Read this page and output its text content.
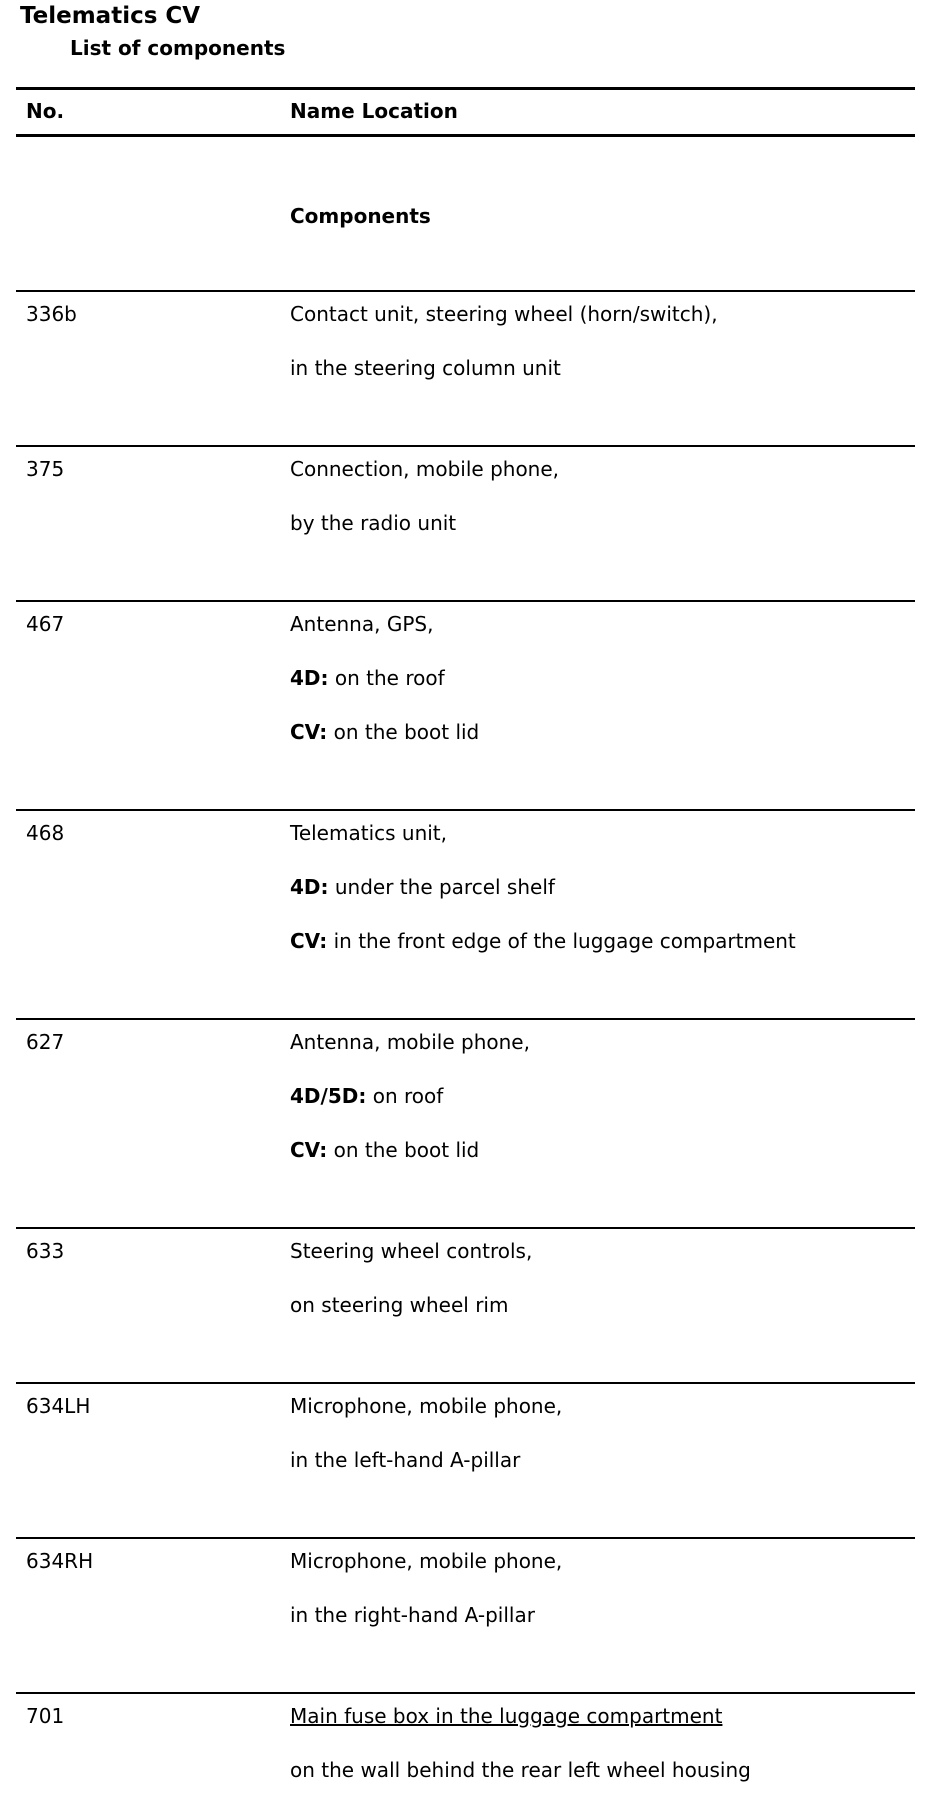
Telematics CV
List of components
No.	Name Location
Components
336b	Contact unit, steering wheel (horn/switch),
in the steering column unit
375	Connection, mobile phone,
by the radio unit
467	Antenna, GPS,
4D: on the roof
CV: on the boot lid
468	Telematics unit,
4D: under the parcel shelf
CV: in the front edge of the luggage compartment
627	Antenna, mobile phone,
4D/5D: on roof
CV: on the boot lid
633	Steering wheel controls,
on steering wheel rim
634LH	Microphone, mobile phone,
in the left-hand A-pillar
634RH	Microphone, mobile phone,
in the right-hand A-pillar
701	Main fuse box in the luggage compartment
on the wall behind the rear left wheel housing
